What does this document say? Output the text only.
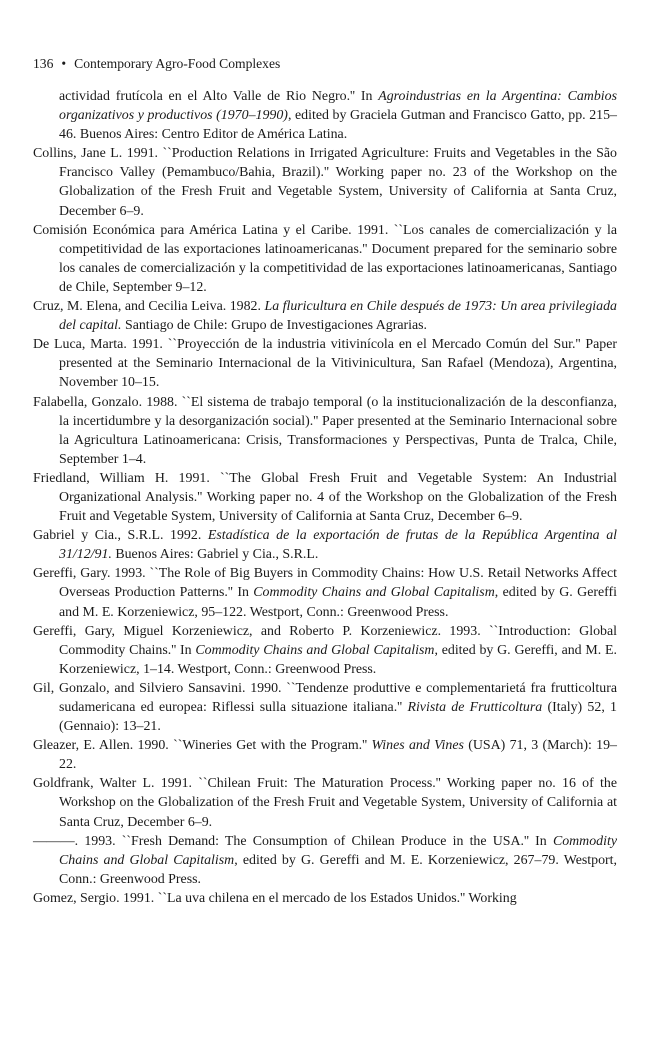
136 • Contemporary Agro-Food Complexes

actividad frutícola en el Alto Valle de Rio Negro.'' In Agroindustrias en la Argentina: Cambios organizativos y productivos (1970–1990), edited by Graciela Gutman and Francisco Gatto, pp. 215–46. Buenos Aires: Centro Editor de América Latina.

Collins, Jane L. 1991. ``Production Relations in Irrigated Agriculture: Fruits and Vegetables in the São Francisco Valley (Pemambuco/Bahia, Brazil).'' Working paper no. 23 of the Workshop on the Globalization of the Fresh Fruit and Vegetable System, University of California at Santa Cruz, December 6–9.

Comisión Económica para América Latina y el Caribe. 1991. ``Los canales de comercialización y la competitividad de las exportaciones latinoamericanas.'' Document prepared for the seminario sobre los canales de comercialización y la competitividad de las exportaciones latinoamericanas, Santiago de Chile, September 9–12.

Cruz, M. Elena, and Cecilia Leiva. 1982. La fluricultura en Chile después de 1973: Un area privilegiada del capital. Santiago de Chile: Grupo de Investigaciones Agrarias.

De Luca, Marta. 1991. ``Proyección de la industria vitivinícola en el Mercado Común del Sur.'' Paper presented at the Seminario Internacional de la Vitivinicultura, San Rafael (Mendoza), Argentina, November 10–15.

Falabella, Gonzalo. 1988. ``El sistema de trabajo temporal (o la institucionalización de la desconfianza, la incertidumbre y la desorganización social).'' Paper presented at the Seminario Internacional sobre la Agricultura Latinoamericana: Crisis, Transformaciones y Perspectivas, Punta de Tralca, Chile, September 1–4.

Friedland, William H. 1991. ``The Global Fresh Fruit and Vegetable System: An Industrial Organizational Analysis.'' Working paper no. 4 of the Workshop on the Globalization of the Fresh Fruit and Vegetable System, University of California at Santa Cruz, December 6–9.

Gabriel y Cia., S.R.L. 1992. Estadística de la exportación de frutas de la República Argentina al 31/12/91. Buenos Aires: Gabriel y Cia., S.R.L.

Gereffi, Gary. 1993. ``The Role of Big Buyers in Commodity Chains: How U.S. Retail Networks Affect Overseas Production Patterns.'' In Commodity Chains and Global Capitalism, edited by G. Gereffi and M. E. Korzeniewicz, 95–122. Westport, Conn.: Greenwood Press.

Gereffi, Gary, Miguel Korzeniewicz, and Roberto P. Korzeniewicz. 1993. ``Introduction: Global Commodity Chains.'' In Commodity Chains and Global Capitalism, edited by G. Gereffi, and M. E. Korzeniewicz, 1–14. Westport, Conn.: Greenwood Press.

Gil, Gonzalo, and Silviero Sansavini. 1990. ``Tendenze produttive e complementarietá fra frutticoltura sudamericana ed europea: Riflessi sulla situazione italiana.'' Rivista de Frutticoltura (Italy) 52, 1 (Gennaio): 13–21.

Gleazer, E. Allen. 1990. ``Wineries Get with the Program.'' Wines and Vines (USA) 71, 3 (March): 19–22.

Goldfrank, Walter L. 1991. ``Chilean Fruit: The Maturation Process.'' Working paper no. 16 of the Workshop on the Globalization of the Fresh Fruit and Vegetable System, University of California at Santa Cruz, December 6–9.

———. 1993. ``Fresh Demand: The Consumption of Chilean Produce in the USA.'' In Commodity Chains and Global Capitalism, edited by G. Gereffi and M. E. Korzeniewicz, 267–79. Westport, Conn.: Greenwood Press.

Gomez, Sergio. 1991. ``La uva chilena en el mercado de los Estados Unidos.'' Working
